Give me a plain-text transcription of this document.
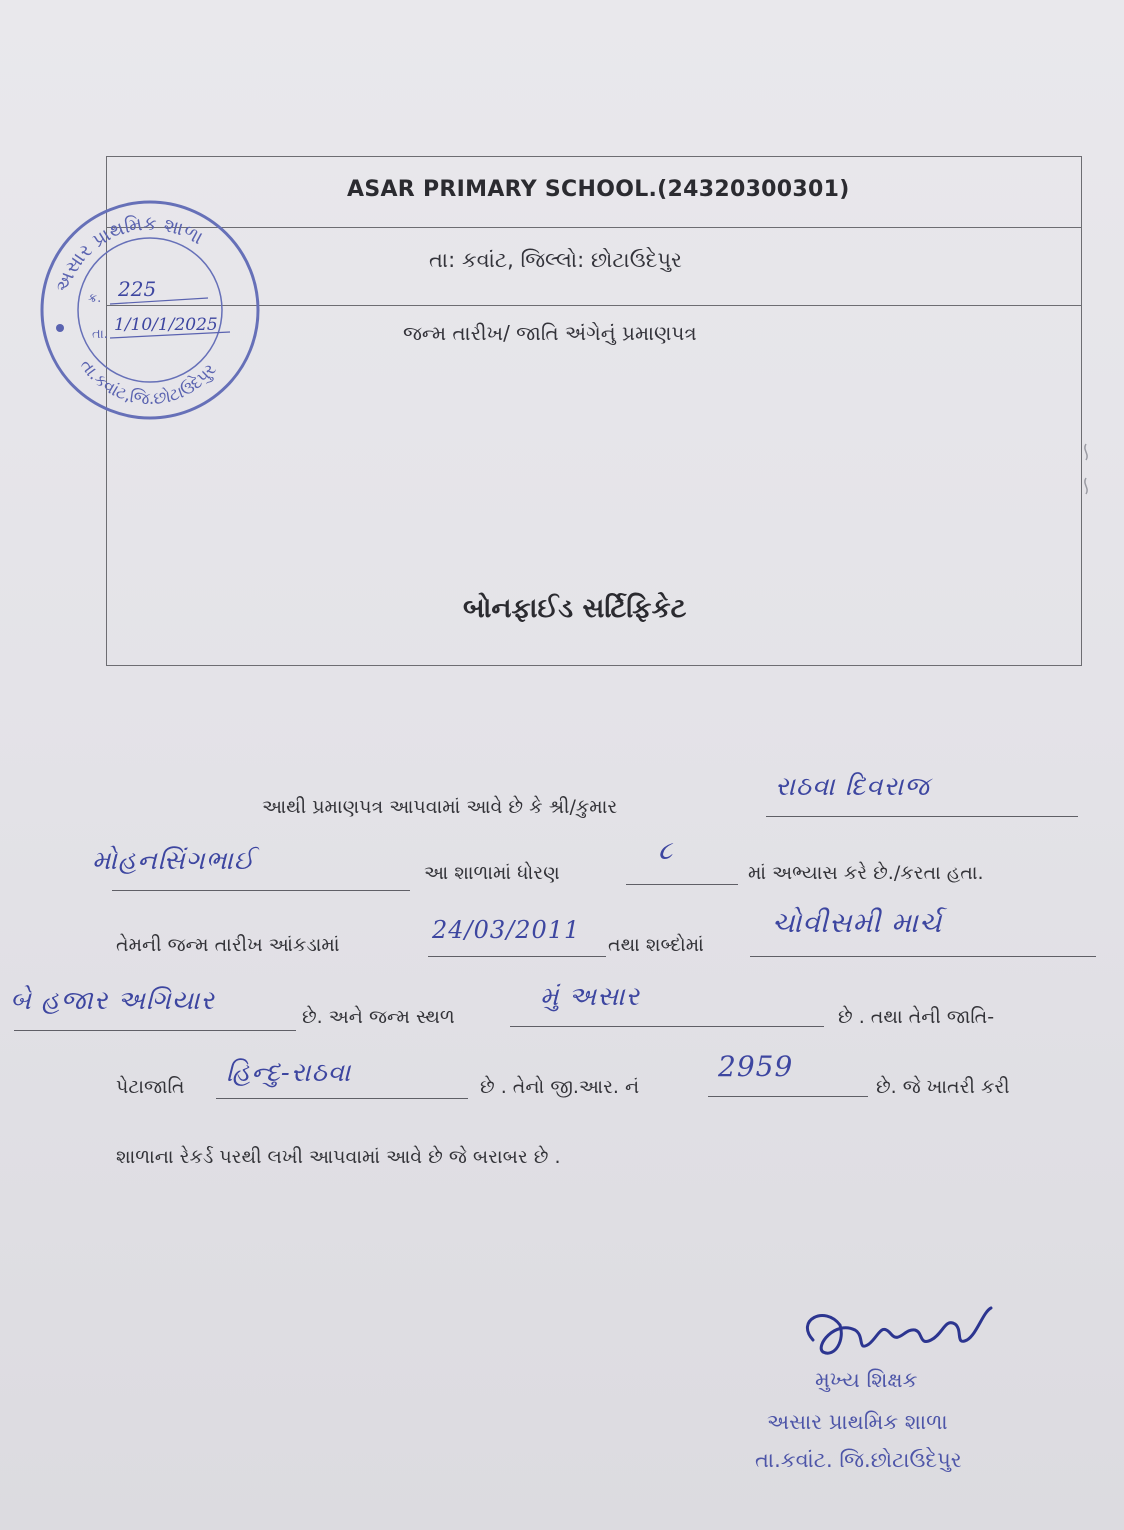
ASAR PRIMARY SCHOOL.(24320300301)
તા: કવાંટ, જિલ્લો: છોટાઉદેપુર
જન્મ તારીખ/ જાતિ અંગેનું પ્રમાણપત્ર
બોનફાઈડ સર્ટિફિકેટ
અસાર પ્રાથમિક શાળા
તા.કવાંટ,જિ.છોટાઉદેપુર
ક્ર. 225
તા. 1/10/1/2025
આથી પ્રમાણપત્ર આપવામાં આવે છે કે શ્રી/કુમાર
રાઠવા દિવરાજ
મોહનસિંગભાઈ	આ શાળામાં ધોરણ
૮
માં અભ્યાસ કરે છે./કરતા હતા.
તેમની જન્મ તારીખ આંકડામાં
24/03/2011
તથા શબ્દોમાં
ચોવીસમી માર્ચ
બે હજાર અગિયાર
છે. અને જન્મ સ્થળ
મું અસાર
છે . તથા તેની જાતિ-
પેટાજાતિ હિન્દુ-રાઠવા	છે . તેનો જી.આર. નં
2959
છે. જે ખાતરી કરી
શાળાના રેકર્ડ પરથી લખી આપવામાં આવે છે જે બરાબર છે .
મુખ્ય શિક્ષક
અસાર પ્રાથમિક શાળા
તા.કવાંટ. જિ.છોટાઉદેપુર
